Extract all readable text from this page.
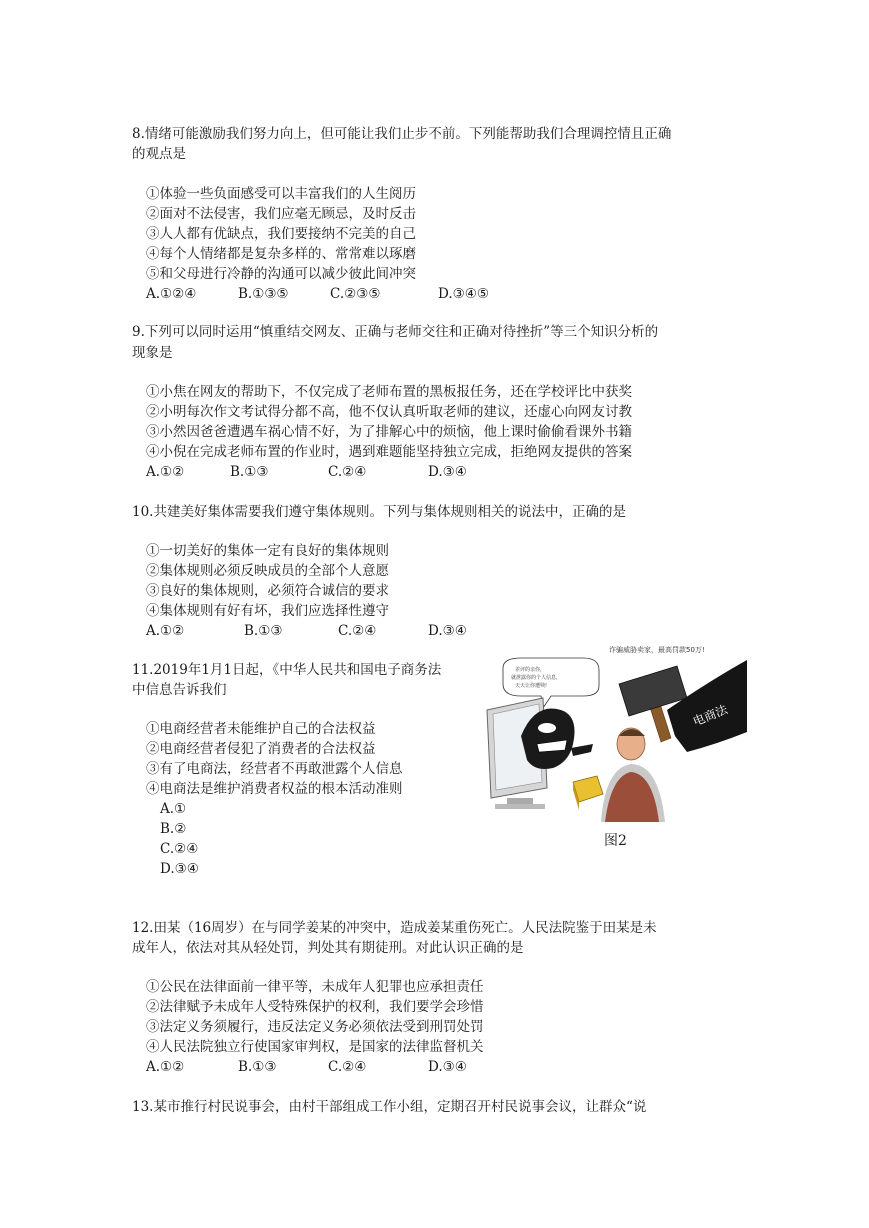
8.情绪可能激励我们努力向上，但可能让我们止步不前。下列能帮助我们合理调控情且正确
的观点是
①体验一些负面感受可以丰富我们的人生阅历
②面对不法侵害，我们应毫无顾忌，及时反击
③人人都有优缺点，我们要接纳不完美的自己
④每个人情绪都是复杂多样的、常常难以琢磨
⑤和父母进行冷静的沟通可以减少彼此间冲突
A.①②④	B.①③⑤	C.②③⑤	D.③④⑤
9.下列可以同时运用“慎重结交网友、正确与老师交往和正确对待挫折”等三个知识分析的
现象是
①小焦在网友的帮助下，不仅完成了老师布置的黑板报任务，还在学校评比中获奖
②小明每次作文考试得分都不高，他不仅认真听取老师的建议，还虚心向网友讨教
③小然因爸爸遭遇车祸心情不好，为了排解心中的烦恼，他上课时偷偷看课外书籍
④小倪在完成老师布置的作业时，遇到难题能坚持独立完成，拒绝网友提供的答案
A.①②	B.①③	C.②④	D.③④
10.共建美好集体需要我们遵守集体规则。下列与集体规则相关的说法中，正确的是
①一切美好的集体一定有良好的集体规则
②集体规则必须反映成员的全部个人意愿
③良好的集体规则，必须符合诚信的要求
④集体规则有好有坏，我们应选择性遵守
A.①②	B.①③	C.②④	D.③④
11.2019年1月1日起，《中华人民共和国电子商务法
中信息告诉我们
①电商经营者未能维护自己的合法权益
②电商经营者侵犯了消费者的合法权益
③有了电商法，经营者不再敢泄露个人信息
④电商法是维护消费者权益的根本活动准则
A.①
B.②
C.②④
D.③④
诈骗威胁卖家，最高罚款50万!
差评的亲你，
就泄露你的个人信息，
天天让你遭殃!
电商法
图2
12.田某（16周岁）在与同学姜某的冲突中，造成姜某重伤死亡。人民法院鉴于田某是未
成年人，依法对其从轻处罚，判处其有期徒刑。对此认识正确的是
①公民在法律面前一律平等，未成年人犯罪也应承担责任
②法律赋予未成年人受特殊保护的权利，我们要学会珍惜
③法定义务须履行，违反法定义务必须依法受到刑罚处罚
④人民法院独立行使国家审判权，是国家的法律监督机关
A.①②	B.①③	C.②④	D.③④
13.某市推行村民说事会，由村干部组成工作小组，定期召开村民说事会议，让群众“说
